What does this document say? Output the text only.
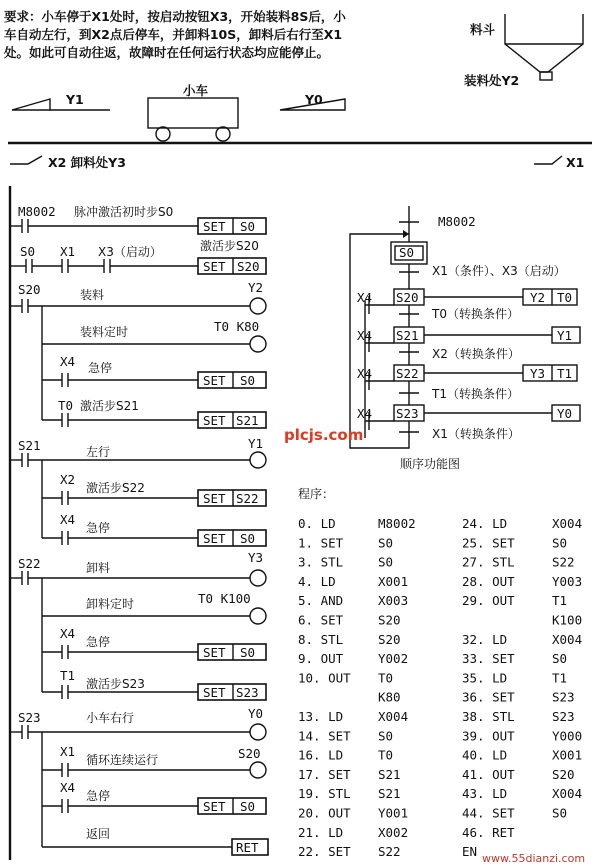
要求：小车停于X1处时，按启动按钮X3，开始装料8S后，小
车自动左行，到X2点后停车，并卸料10S，卸料后右行至X1
处。如此可自动往返，故障时在任何运行状态均应能停止。
料斗
装料处Y2
Y1
小车
Y0
X2 卸料处Y3	X1
M8002 脉冲激活初时步S0
SET S0
S0 X1 X3（启动）	激活步S20
SET S20
S20	装料	Y2
装料定时	T0 K80
X4 急停
SET S0
T0 激活步S21
SET S21
S21	左行
Y1
X2
激活步S22
SET S22
X4
急停
SET S0
S22	卸料
Y3
卸料定时	T0 K100
X4
急停
SET S0
T1
激活步S23
SET S23
S23	小车右行	Y0
X1
循环连续运行	S20
X4
急停
SET S0
返回
RET
M8002
S0
X1（条件）、X3（启动）
S20	Y2 T0
X4
T0（转换条件）
S21	Y1
X4
X2（转换条件）
S22	Y3 T1
X4
T1（转换条件）
S23	Y0
X4
X1（转换条件）
顺序功能图
plcjs.com
程序：
0. LD	M8002
1. SET	S0
3. STL	S0
4. LD	X001
5. AND	X003
6. SET	S20
8. STL	S20
9. OUT	Y002
10. OUT T0
K80
13. LD	X004
14. SET S0
16. LD	T0
17. SET S21
19. STL S21
20. OUT Y001
21. LD	X002
22. SET S22
24. LD	X004
25. SET	S0
27. STL	S22
28. OUT	Y003
29. OUT	T1
K100
32. LD	X004
33. SET	S0
35. LD	T1
36. SET	S23
38. STL	S23
39. OUT	Y000
40. LD	X001
41. OUT	S20
43. LD	X004
44. SET	S0
46. RET
EN www.55dianzi.com
